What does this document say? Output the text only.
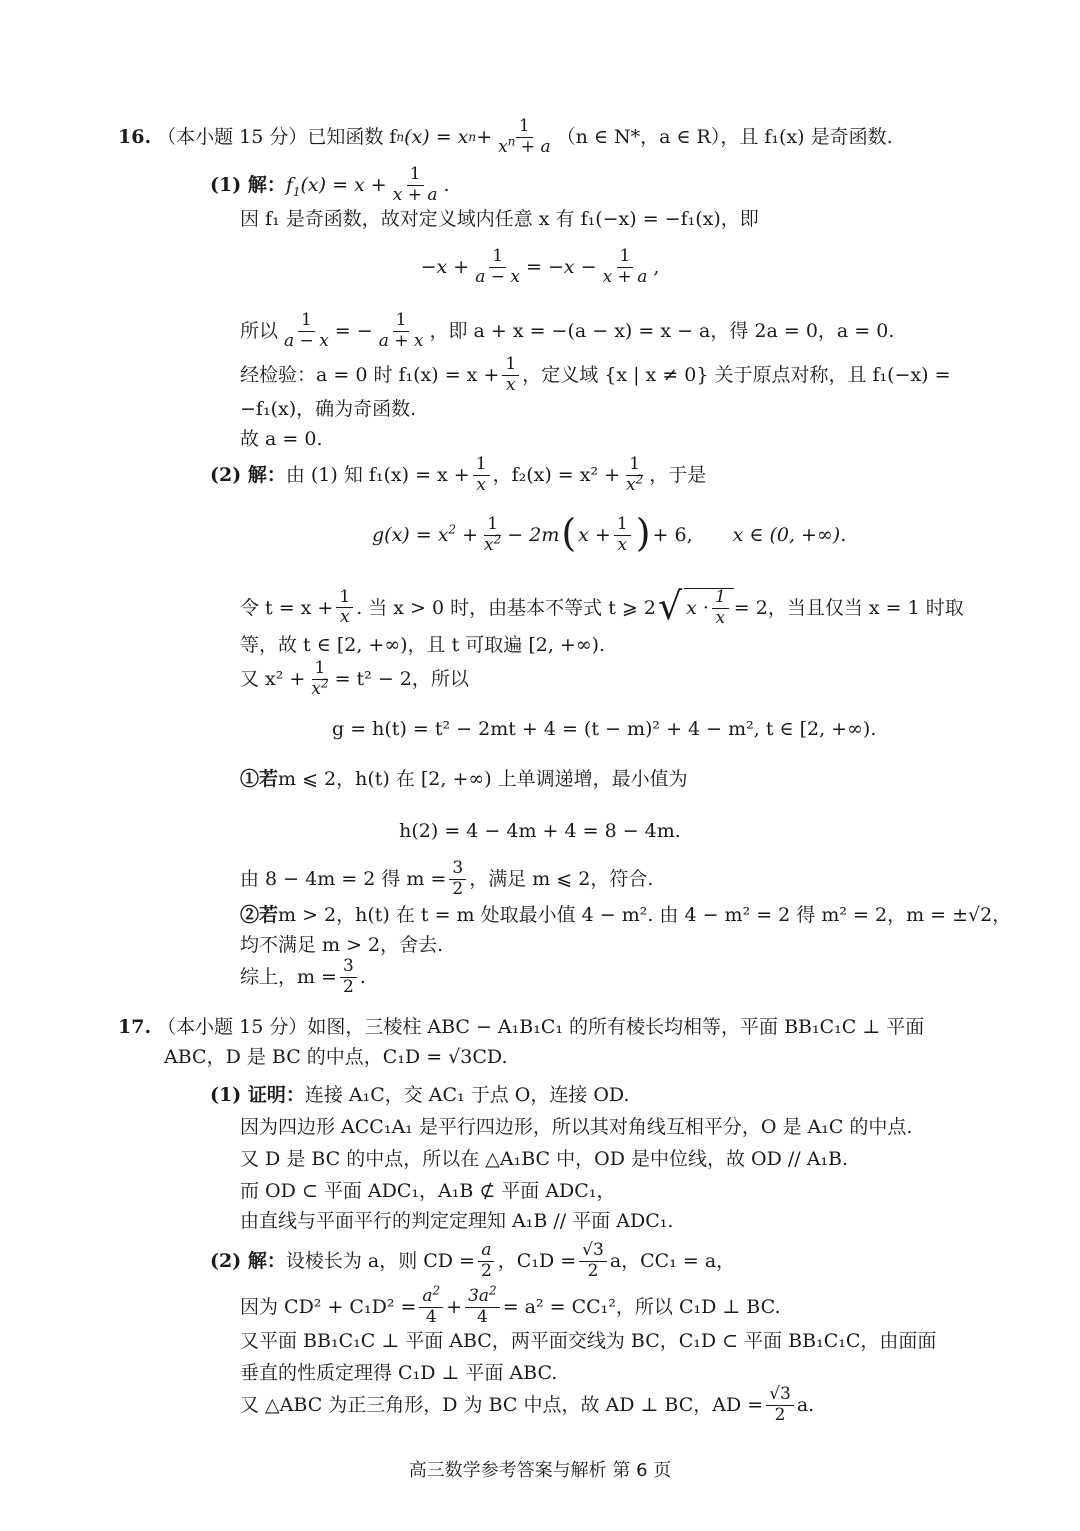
16. （本小题 15 分）已知函数 f n (x) = x $n + \frac{1}{x^n + a} (n$ ∈ N*，a ∈ R），且 f₁(x) 是奇函数.
(1) 解： $f_1(x) = x + \frac{1}{x + a}$ .
因 f₁ 是奇函数，故对定义域内任意 x 有 f₁(−x) = −f₁(x)，即
$-x + \frac{1}{a - x} = -x - \frac{1}{x + a}$ ,
所以 $\frac{1}{a - x}$ = − $\frac{1}{a + x}$ ，即 a + x = −(a − x) = x − a，得 2a = 0，a = 0.
经检验：a = 0 时 $f_1(x) = x + \frac{1}{x}$ ，定义域 {x | x ≠ 0} 关于原点对称，且 f₁(−x) =
−f₁(x)，确为奇函数.
故 a = 0.
(2) 解： 由 (1) 知 $f_1(x) = x + \frac{1}{x}$ ，$f_2(x) = x^2 + \frac{1}{x^2}$ ，于是
$g(x) = x^2 + \frac{1}{x^2} - 2m$ ( $x + \frac{1}{x}$ ) + 6, x ∈ (0, +∞).
令 $t = x + \frac{1}{x}$ . 当 x > 0 时，由基本不等式 t ⩾ 2 √ x ·
1
x = 2，当且仅当 x = 1 时取
等，故 t ∈ [2, +∞)，且 t 可取遍 [2, +∞).
又 $x^2 + \frac{1}{x^2} = t^2 - 2$，所以
g = h(t) = t² − 2mt + 4 = (t − m)² + 4 − m², t ∈ [2, +∞).
①若 m ⩽ 2，h(t) 在 [2, +∞) 上单调递增，最小值为
h(2) = 4 − 4m + 4 = 8 − 4m.
由 8 − 4m = 2 得 $m = \frac{3}{2}$ ，满足 m ⩽ 2，符合.
②若 m > 2，h(t) 在 t = m 处取最小值 4 − m². 由 4 − m² = 2 得 m² = 2，m = ±√2，
均不满足 m > 2，舍去.
综上，$m = \frac{3}{2}$ .
17. （本小题 15 分）如图，三棱柱 ABC − A₁B₁C₁ 的所有棱长均相等，平面 BB₁C₁C ⊥ 平面
ABC，D 是 BC 的中点，C₁D = √3CD.
(1) 证明： 连接 A₁C，交 AC₁ 于点 O，连接 OD.
因为四边形 ACC₁A₁ 是平行四边形，所以其对角线互相平分，O 是 A₁C 的中点.
又 D 是 BC 的中点，所以在 △A₁BC 中，OD 是中位线，故 OD // A₁B.
而 OD ⊂ 平面 ADC₁，A₁B ⊄ 平面 ADC₁，
由直线与平面平行的判定定理知 A₁B // 平面 ADC₁.
(2) 解： 设棱长为 a，则 CD = $\frac{a}{2}$ ，$C_1D = \frac{√3}{2}$ a，CC₁ = a，
因为 $CD^2 + C_1D^2 = \frac{a^2}{4} + \frac{3a^2}{4} = a^2 = CC_1^2$，所以 C₁D ⊥ BC.
又平面 BB₁C₁C ⊥ 平面 ABC，两平面交线为 BC，C₁D ⊂ 平面 BB₁C₁C，由面面
垂直的性质定理得 C₁D ⊥ 平面 ABC.
又 △ABC 为正三角形，D 为 BC 中点，故 AD ⊥ BC，AD = $\frac{√3}{2} a$.
高三数学参考答案与解析 第 6 页
